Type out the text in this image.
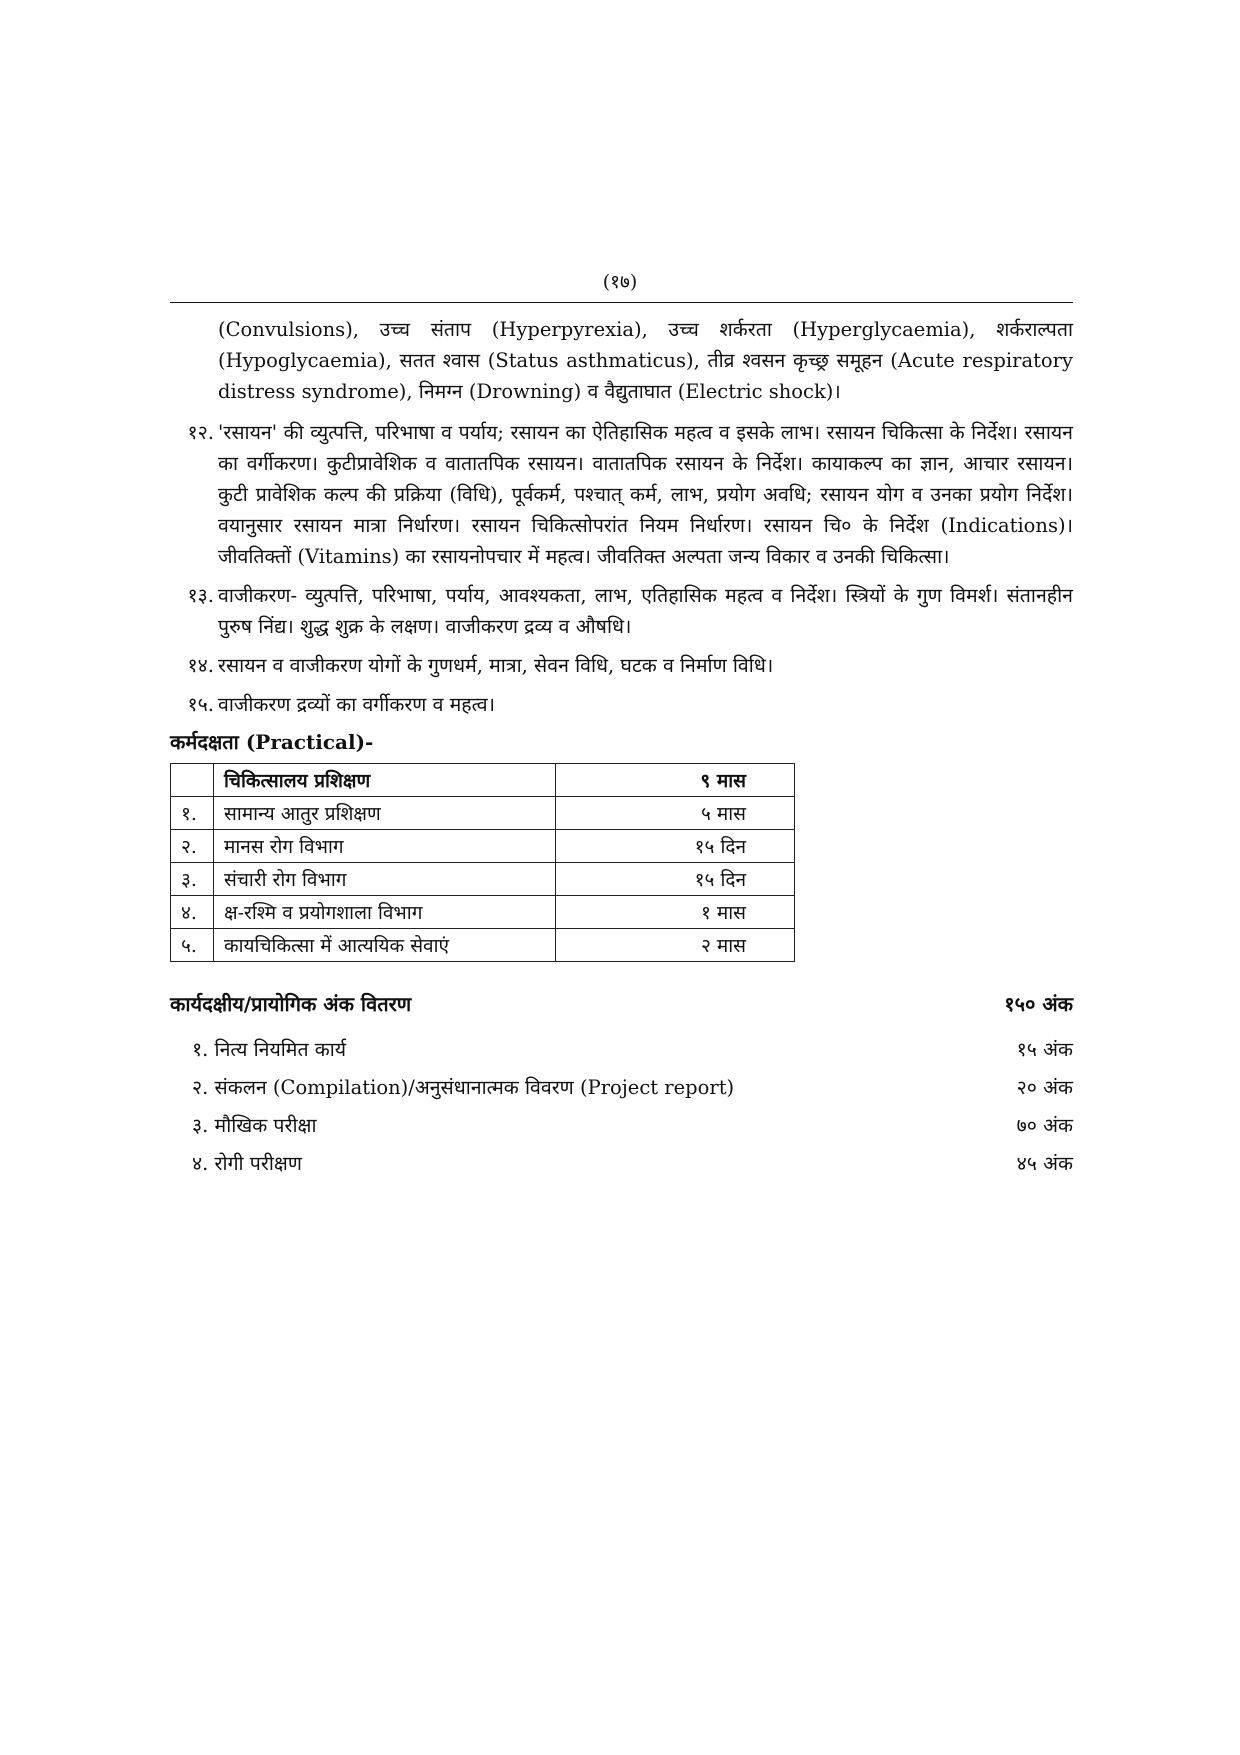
(१७)

(Convulsions), उच्च संताप (Hyperpyrexia), उच्च शर्करता (Hyperglycaemia), शर्कराल्पता (Hypoglycaemia), सतत श्वास (Status asthmaticus), तीव्र श्वसन कृच्छ्र समूहन (Acute respiratory distress syndrome), निमग्न (Drowning) व वैद्युताघात (Electric shock)।

१२. 'रसायन' की व्युत्पत्ति, परिभाषा व पर्याय; रसायन का ऐतिहासिक महत्व व इसके लाभ। रसायन चिकित्सा के निर्देश। रसायन का वर्गीकरण। कुटीप्रावेशिक व वातातपिक रसायन। वातातपिक रसायन के निर्देश। कायाकल्प का ज्ञान, आचार रसायन। कुटी प्रावेशिक कल्प की प्रक्रिया (विधि), पूर्वकर्म, पश्चात् कर्म, लाभ, प्रयोग अवधि; रसायन योग व उनका प्रयोग निर्देश। वयानुसार रसायन मात्रा निर्धारण। रसायन चिकित्सोपरांत नियम निर्धारण। रसायन चि० के निर्देश (Indications)। जीवतिक्तों (Vitamins) का रसायनोपचार में महत्व। जीवतिक्त अल्पता जन्य विकार व उनकी चिकित्सा।
१३. वाजीकरण- व्युत्पत्ति, परिभाषा, पर्याय, आवश्यकता, लाभ, एतिहासिक महत्व व निर्देश। स्त्रियों के गुण विमर्श। संतानहीन पुरुष निंद्य। शुद्ध शुक्र के लक्षण। वाजीकरण द्रव्य व औषधि।
१४. रसायन व वाजीकरण योगों के गुणधर्म, मात्रा, सेवन विधि, घटक व निर्माण विधि।
१५. वाजीकरण द्रव्यों का वर्गीकरण व महत्व।
कर्मदक्षता (Practical)-
	चिकित्सालय प्रशिक्षण	९ मास
१.	सामान्य आतुर प्रशिक्षण	५ मास
२.	मानस रोग विभाग	१५ दिन
३.	संचारी रोग विभाग	१५ दिन
४.	क्ष-रश्मि व प्रयोगशाला विभाग	१ मास
५.	कायचिकित्सा में आत्ययिक सेवाएं	२ मास
कार्यदक्षीय/प्रायोगिक अंक वितरण	१५० अंक
१. नित्य नियमित कार्य	१५ अंक
२. संकलन (Compilation)/अनुसंधानात्मक विवरण (Project report)	२० अंक
३. मौखिक परीक्षा	७० अंक
४. रोगी परीक्षण	४५ अंक
